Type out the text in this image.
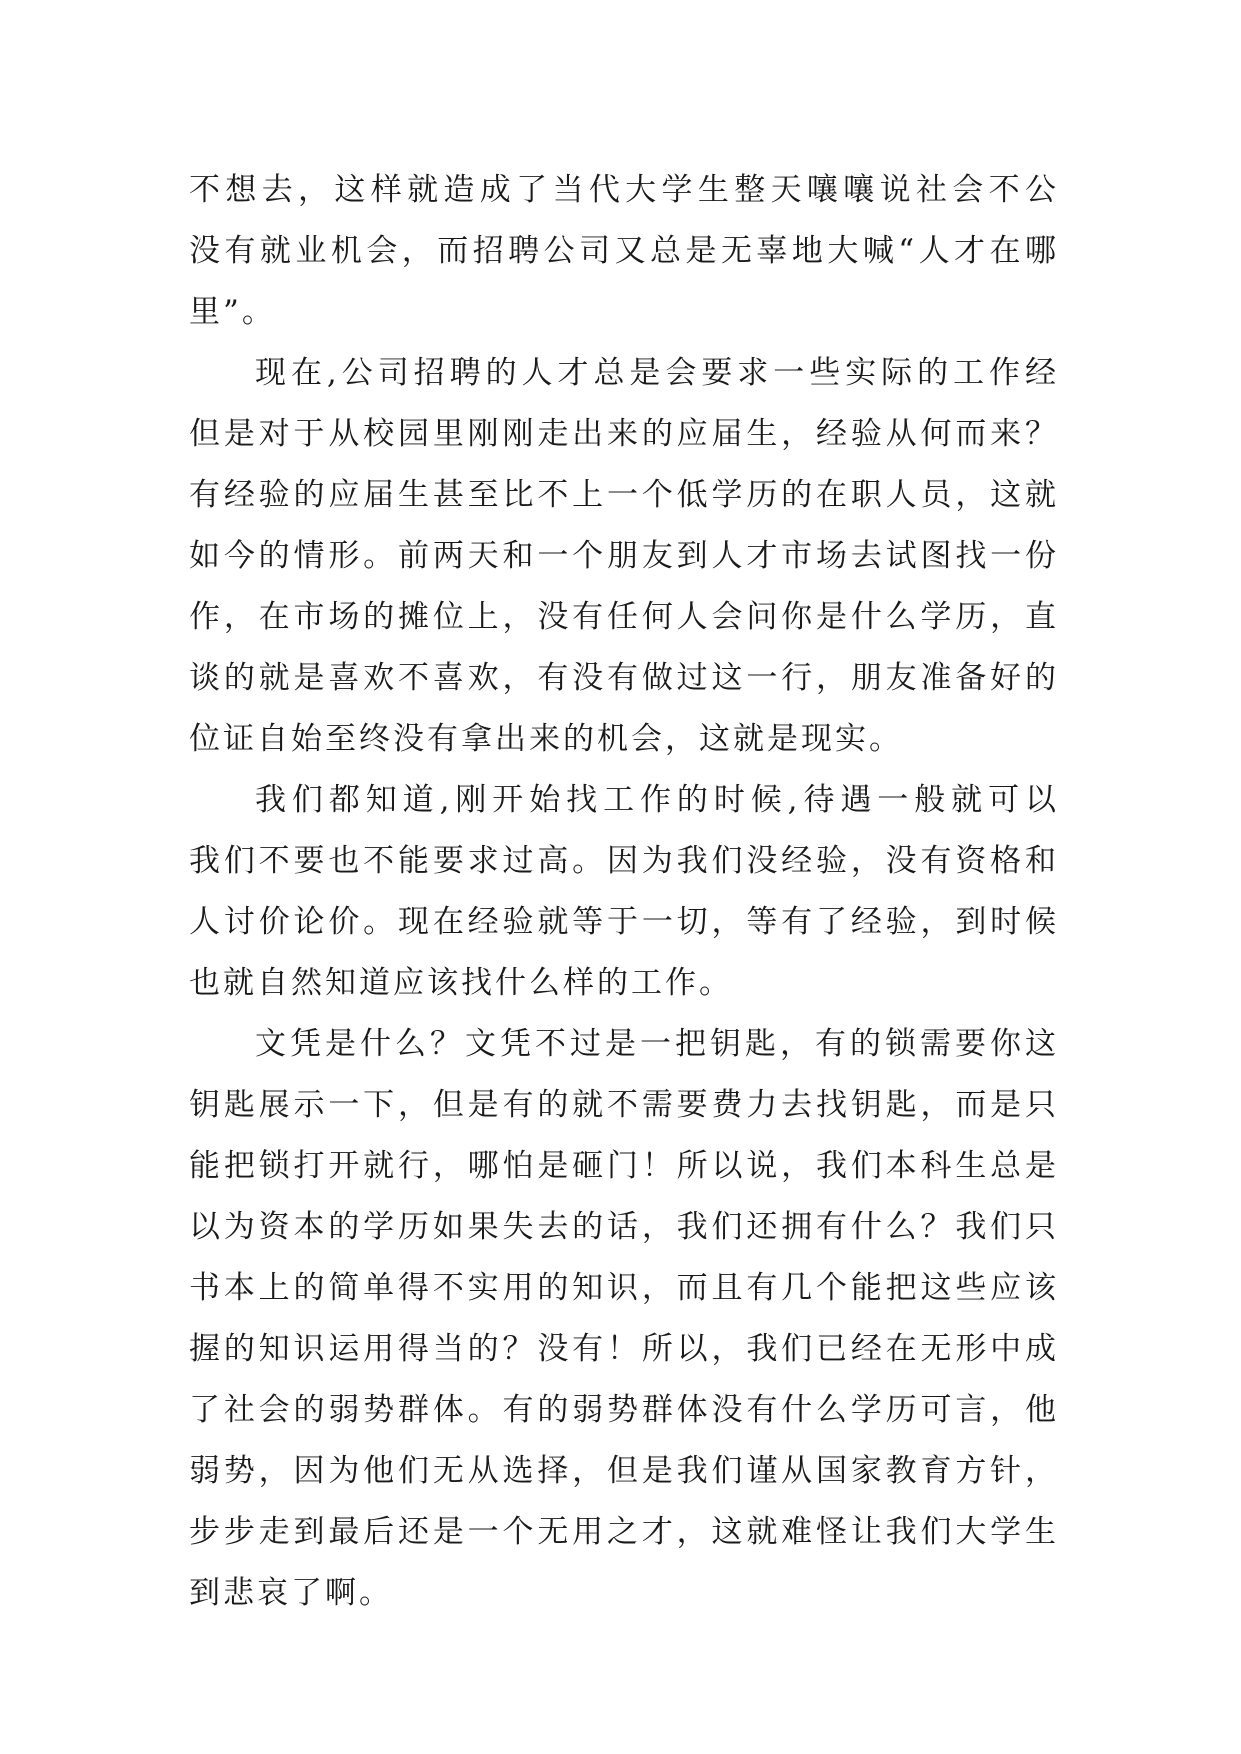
不想去，这样就造成了当代大学生整天嚷嚷说社会不公
没有就业机会，而招聘公司又总是无辜地大喊“人才在哪
里”。
现在,公司招聘的人才总是会要求一些实际的工作经
但是对于从校园里刚刚走出来的应届生，经验从何而来？
有经验的应届生甚至比不上一个低学历的在职人员，这就
如今的情形。前两天和一个朋友到人才市场去试图找一份
作，在市场的摊位上，没有任何人会问你是什么学历，直
谈的就是喜欢不喜欢，有没有做过这一行，朋友准备好的
位证自始至终没有拿出来的机会，这就是现实。
我们都知道,刚开始找工作的时候,待遇一般就可以
我们不要也不能要求过高。因为我们没经验，没有资格和
人讨价论价。现在经验就等于一切，等有了经验，到时候
也就自然知道应该找什么样的工作。
文凭是什么？文凭不过是一把钥匙，有的锁需要你这
钥匙展示一下，但是有的就不需要费力去找钥匙，而是只
能把锁打开就行，哪怕是砸门！所以说，我们本科生总是
以为资本的学历如果失去的话，我们还拥有什么？我们只
书本上的简单得不实用的知识，而且有几个能把这些应该
握的知识运用得当的？没有！所以，我们已经在无形中成
了社会的弱势群体。有的弱势群体没有什么学历可言，他
弱势，因为他们无从选择，但是我们谨从国家教育方针，
步步走到最后还是一个无用之才，这就难怪让我们大学生
到悲哀了啊。
